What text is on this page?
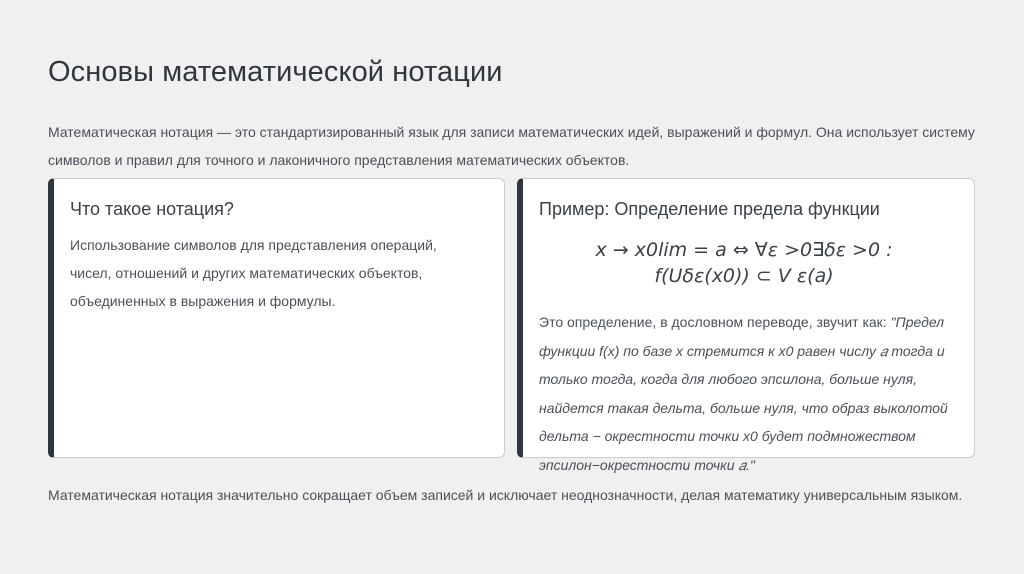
Основы математической нотации

Математическая нотация — это стандартизированный язык для записи математических идей, выражений и формул. Она использует систему символов и правил для точного и лаконичного представления математических объектов.

Что такое нотация?

Использование символов для представления операций, чисел, отношений и других математических объектов, объединенных в выражения и формулы.

Пример: Определение предела функции
x → x0lim = a ⇔ ∀ε >0∃δε >0 :
f(Uδε(x0)) ⊂ V ε(a)

Это определение, в дословном переводе, звучит как: "Предел функции f(x) по базе x стремится к x0 равен числу 𝑎 тогда и только тогда, когда для любого эпсилона, больше нуля, найдется такая дельта, больше нуля, что образ выколотой дельта − окрестности точки x0 будет подмножеством эпсилон−окрестности точки 𝑎."

Математическая нотация значительно сокращает объем записей и исключает неоднозначности, делая математику универсальным языком.
